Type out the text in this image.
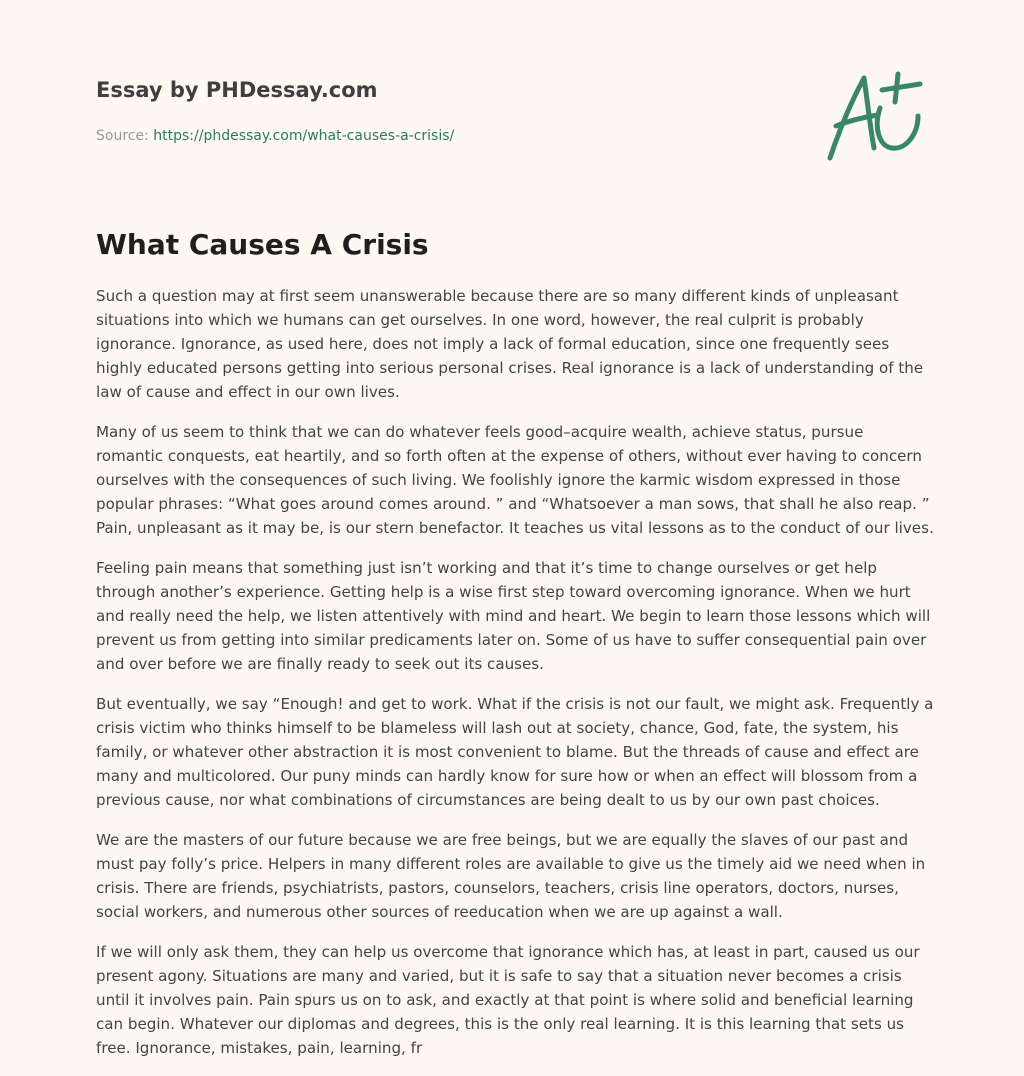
Essay by PHDessay.com
Source: https://phdessay.com/what-causes-a-crisis/
What Causes A Crisis

Such a question may at first seem unanswerable because there are so many different kinds of unpleasant situations into which we humans can get ourselves. In one word, however, the real culprit is probably ignorance. Ignorance, as used here, does not imply a lack of formal education, since one frequently sees highly educated persons getting into serious personal crises. Real ignorance is a lack of understanding of the law of cause and effect in our own lives.

Many of us seem to think that we can do whatever feels good–acquire wealth, achieve status, pursue romantic conquests, eat heartily, and so forth often at the expense of others, without ever having to concern ourselves with the consequences of such living. We foolishly ignore the karmic wisdom expressed in those popular phrases: “What goes around comes around. ” and “Whatsoever a man sows, that shall he also reap. ” Pain, unpleasant as it may be, is our stern benefactor. It teaches us vital lessons as to the conduct of our lives.

Feeling pain means that something just isn’t working and that it’s time to change ourselves or get help through another’s experience. Getting help is a wise first step toward overcoming ignorance. When we hurt and really need the help, we listen attentively with mind and heart. We begin to learn those lessons which will prevent us from getting into similar predicaments later on. Some of us have to suffer consequential pain over and over before we are finally ready to seek out its causes.

But eventually, we say “Enough! and get to work. What if the crisis is not our fault, we might ask. Frequently a crisis victim who thinks himself to be blameless will lash out at society, chance, God, fate, the system, his family, or whatever other abstraction it is most convenient to blame. But the threads of cause and effect are many and multicolored. Our puny minds can hardly know for sure how or when an effect will blossom from a previous cause, nor what combinations of circumstances are being dealt to us by our own past choices.

We are the masters of our future because we are free beings, but we are equally the slaves of our past and must pay folly’s price. Helpers in many different roles are available to give us the timely aid we need when in crisis. There are friends, psychiatrists, pastors, counselors, teachers, crisis line operators, doctors, nurses, social workers, and numerous other sources of reeducation when we are up against a wall.

If we will only ask them, they can help us overcome that ignorance which has, at least in part, caused us our present agony. Situations are many and varied, but it is safe to say that a situation never becomes a crisis until it involves pain. Pain spurs us on to ask, and exactly at that point is where solid and beneficial learning can begin. Whatever our diplomas and degrees, this is the only real learning. It is this learning that sets us free. Ignorance, mistakes, pain, learning, fr
